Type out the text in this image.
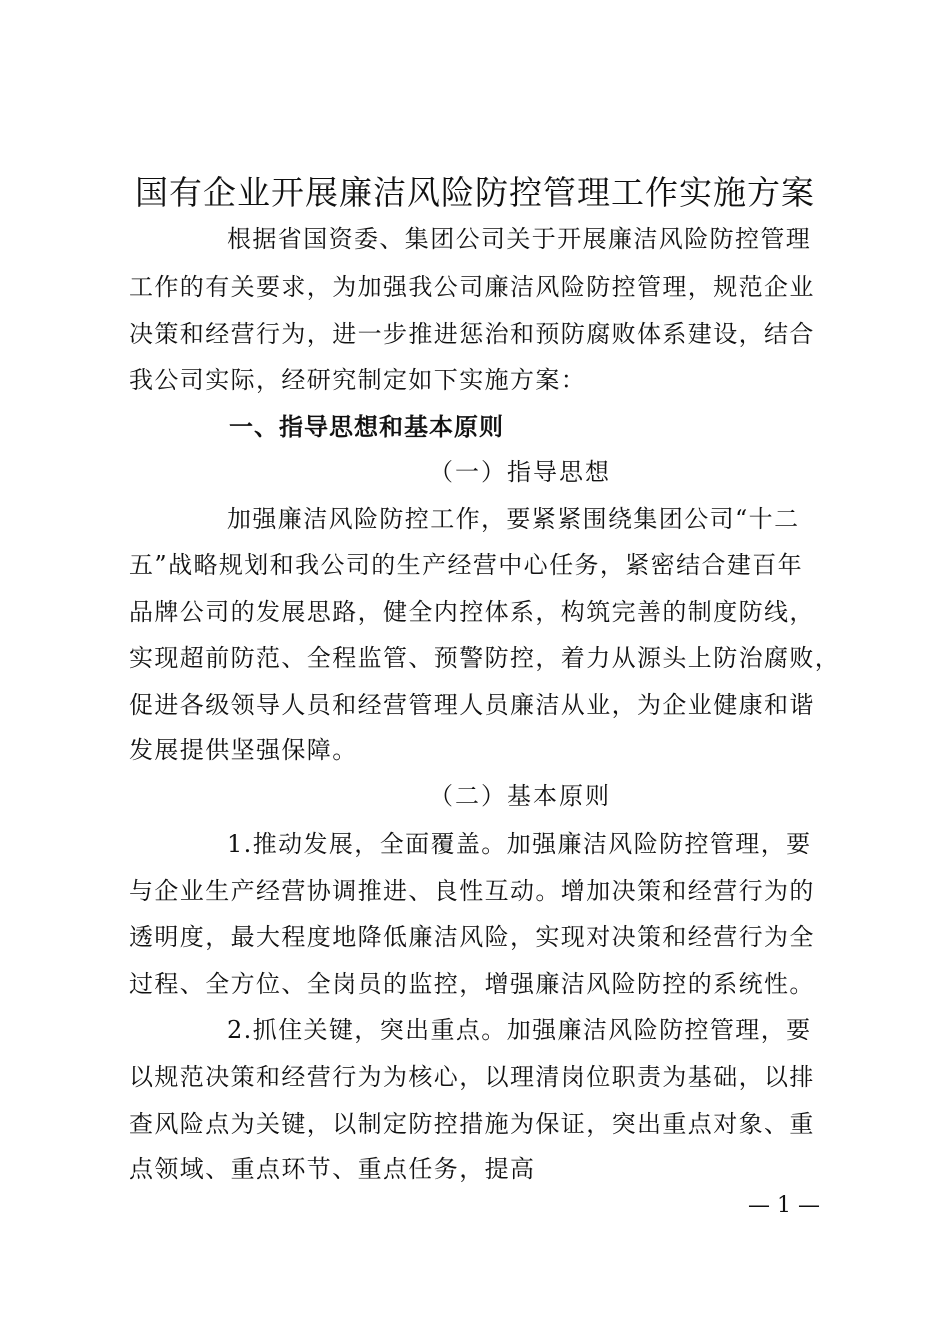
国有企业开展廉洁风险防控管理工作实施方案
根据省国资委、集团公司关于开展廉洁风险防控管理
工作的有关要求，为加强我公司廉洁风险防控管理，规范企业
决策和经营行为，进一步推进惩治和预防腐败体系建设，结合
我公司实际，经研究制定如下实施方案：
一、指导思想和基本原则
（一）指导思想
加强廉洁风险防控工作，要紧紧围绕集团公司“十二
五”战略规划和我公司的生产经营中心任务，紧密结合建百年
品牌公司的发展思路，健全内控体系，构筑完善的制度防线，
实现超前防范、全程监管、预警防控，着力从源头上防治腐败，
促进各级领导人员和经营管理人员廉洁从业，为企业健康和谐
发展提供坚强保障。
（二）基本原则
1.推动发展，全面覆盖。加强廉洁风险防控管理，要
与企业生产经营协调推进、良性互动。增加决策和经营行为的
透明度，最大程度地降低廉洁风险，实现对决策和经营行为全
过程、全方位、全岗员的监控，增强廉洁风险防控的系统性。
2.抓住关键，突出重点。加强廉洁风险防控管理，要
以规范决策和经营行为为核心，以理清岗位职责为基础，以排
查风险点为关键，以制定防控措施为保证，突出重点对象、重
点领域、重点环节、重点任务，提高
— 1 —
